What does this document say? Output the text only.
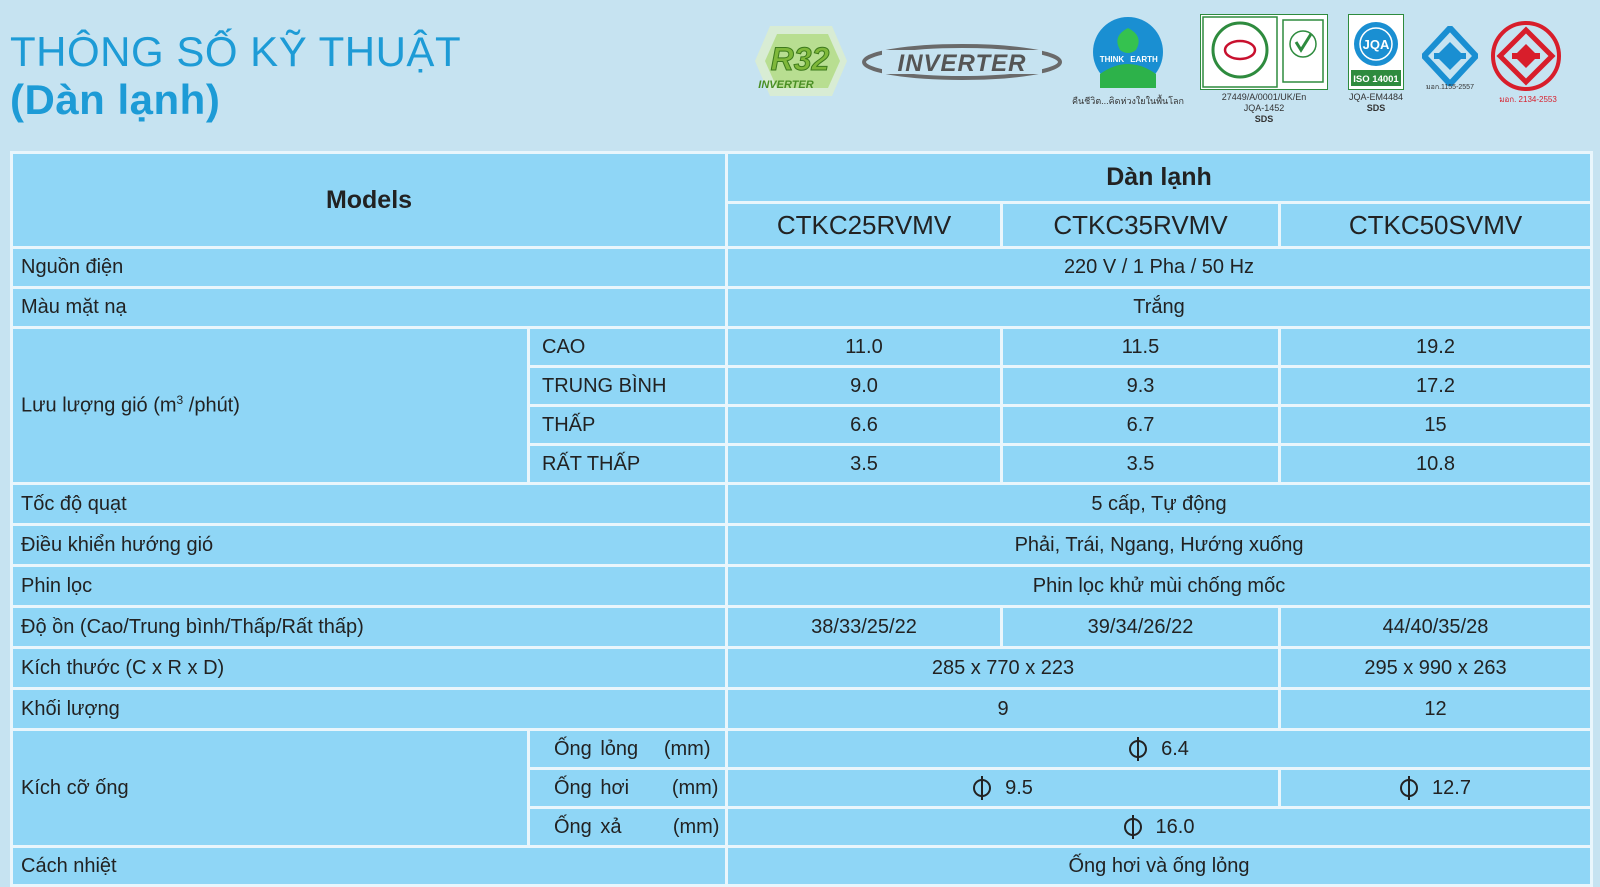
THÔNG SỐ KỸ THUẬT
(Dàn lạnh)
R32
INVERTER
INVERTER	THINK EARTH
คืนชีวิต...คิดห่วงใยในพื้นโลก	27449/A/0001/UK/En
JQA-1452
SDS
JQA
ISO 14001
JQA-EM4484
SDS
มอก.1155-2557
มอก. 2134-2553
Models		Dàn lạnh		
		CTKC25RVMV	CTKC35RVMV	CTKC50SVMV
Nguồn điện		220 V / 1 Pha / 50 Hz		
Màu mặt nạ		Trắng		
Lưu lượng gió ($m^3$ /phút)	CAO	11.0	11.5	19.2
	TRUNG BÌNH	9.0	9.3	17.2
	THẤP	6.6	6.7	15
	RẤT THẤP	3.5	3.5	10.8
Tốc độ quạt		5 cấp, Tự động		
Điều khiển hướng gió		Phải, Trái, Ngang, Hướng xuống		
Phin lọc		Phin lọc khử mùi chống mốc		
Độ ồn (Cao/Trung bình/Thấp/Rất thấp)		38/33/25/22	39/34/26/22	44/40/35/28
Kích thước (C x R x D)		285 x 770 x 223		295 x 990 x 263
Khối lượng		9		12
Kích cỡ ống	Ống lỏng   (mm)	6.4		
	Ống hơi     (mm)	9.5		12.7
	Ống xả      (mm)	16.0		
Cách nhiệt		Ống hơi và ống lỏng		
